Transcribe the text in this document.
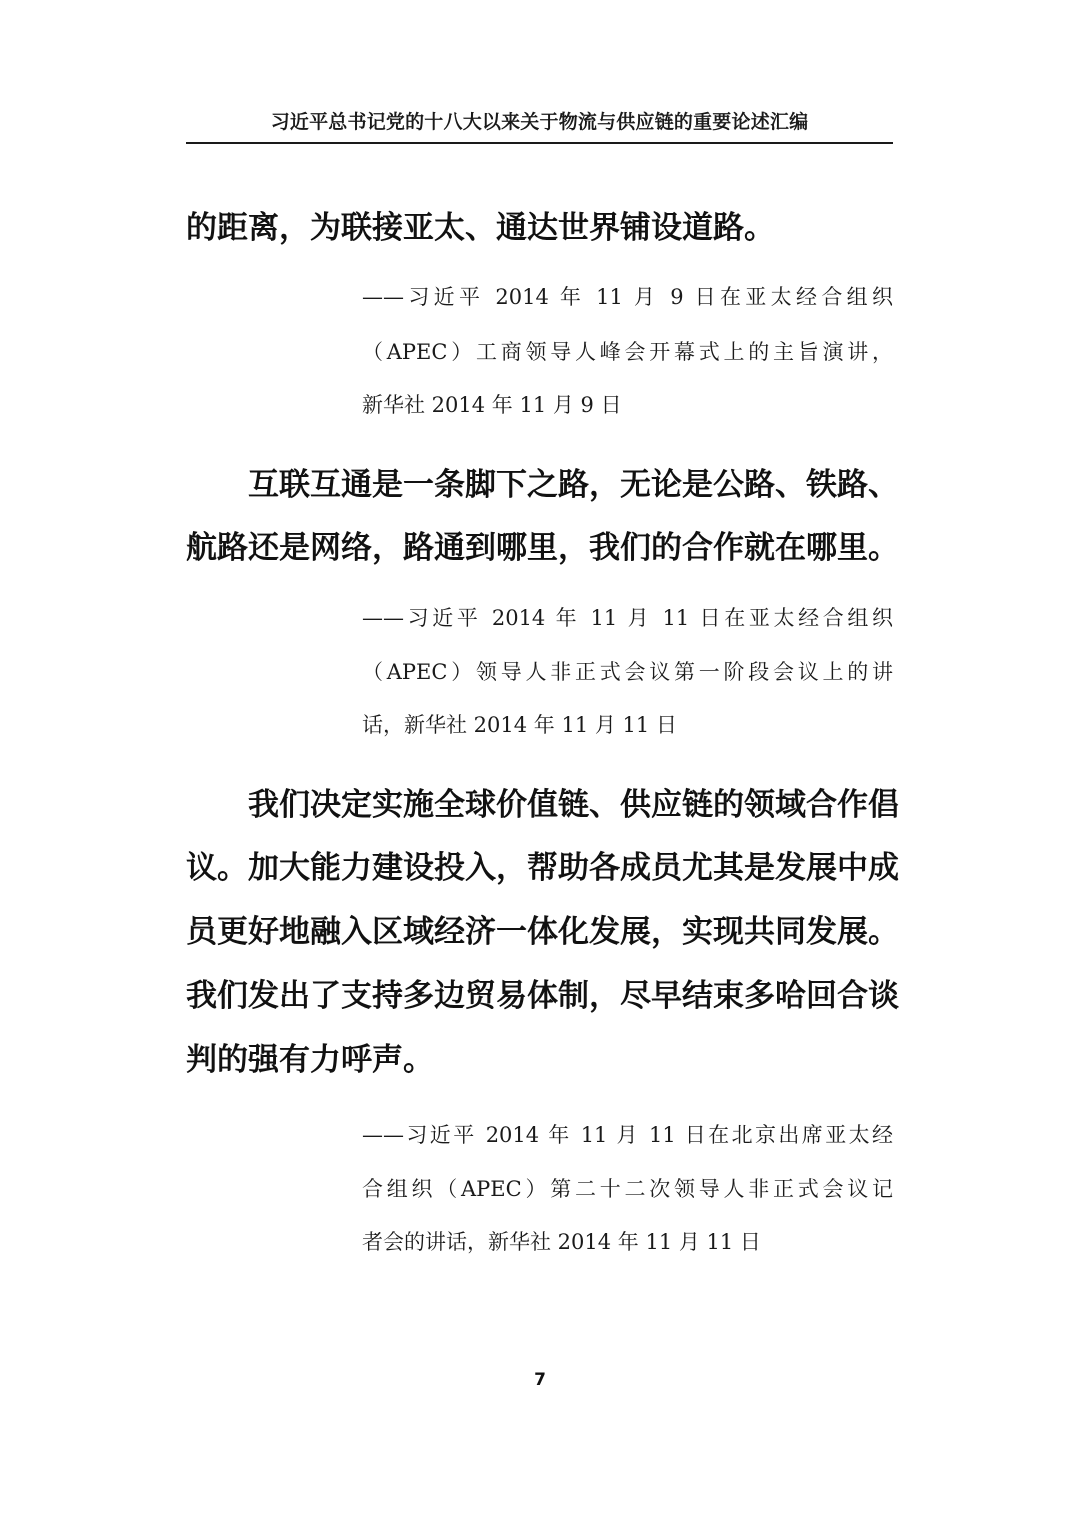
习近平总书记党的十八大以来关于物流与供应链的重要论述汇编
的距离，为联接亚太、通达世界铺设道路。
——习近平 2014 年 11 月 9 日在亚太经合组织
（APEC）工商领导人峰会开幕式上的主旨演讲，
新华社 2014 年 11 月 9 日
互联互通是一条脚下之路，无论是公路、铁路、
航路还是网络，路通到哪里，我们的合作就在哪里。
——习近平 2014 年 11 月 11 日在亚太经合组织
（APEC）领导人非正式会议第一阶段会议上的讲
话，新华社 2014 年 11 月 11 日
我们决定实施全球价值链、供应链的领域合作倡
议。加大能力建设投入，帮助各成员尤其是发展中成
员更好地融入区域经济一体化发展，实现共同发展。
我们发出了支持多边贸易体制，尽早结束多哈回合谈
判的强有力呼声。
——习近平 2014 年 11 月 11 日在北京出席亚太经
合组织（APEC）第二十二次领导人非正式会议记
者会的讲话，新华社 2014 年 11 月 11 日
7
